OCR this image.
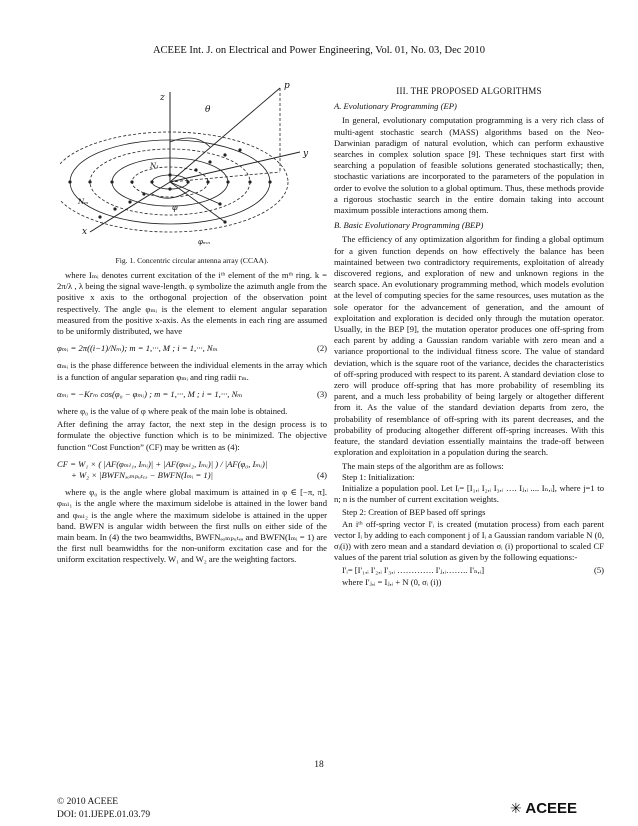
ACEEE Int. J. on Electrical and Power Engineering, Vol. 01, No. 03, Dec 2010
z
θ
p
y
x
N₁
Nₘ
φ
φₘₙ
Fig. 1. Concentric circular antenna array (CCAA).

where Iₘᵢ denotes current excitation of the iᵗʰ element of the mᵗʰ ring. k = 2π/λ , λ being the signal wave-length. φ symbolize the azimuth angle from the positive x axis to the orthogonal projection of the observation point respectively. The angle φₘᵢ is the element to element angular separation measured from the positive x-axis. As the elements in each ring are assumed to be uniformly distributed, we have

φₘᵢ = 2π((i−1)/Nₘ); m = 1,···, M ; i = 1,···, Nₘ	(2)

αₘᵢ is the phase difference between the individual elements in the array which is a function of angular separation φₘᵢ and ring radii rₘ.

αₘᵢ = −Krₘ cos(φ₀ − φₘᵢ) ; m = 1,···, M ; i = 1,···, Nₘ	(3)

where φ₀ is the value of φ where peak of the main lobe is obtained.

After defining the array factor, the next step in the design process is to formulate the objective function which is to be minimized. The objective function “Cost Function” (CF) may be written as (4):

CF = W₁ × ( |AF(φₘₗ₁, Iₘᵢ)| + |AF(φₘₗ₂, Iₘᵢ)| ) / |AF(φ₀, Iₘᵢ)|
+ W₂ × |BWFNₔₒₘₚᵤₜₑₔ − BWFN(Iₘᵢ = 1)|	(4)

where φ₀ is the angle where global maximum is attained in φ ∈ [−π, π]. φₘₗ₁ is the angle where the maximum sidelobe is attained in the lower band and φₘₗ₂ is the angle where the maximum sidelobe is attained in the upper band. BWFN is angular width between the first nulls on either side of the main beam. In (4) the two beamwidths, BWFNₔₒₘₚᵤₜₑₔ and BWFN(Iₘᵢ = 1) are the first null beamwidths for the non-uniform excitation case and for the uniform excitation respectively. W₁ and W₂ are the weighting factors.

III. THE PROPOSED ALGORITHMS
A. Evolutionary Programming (EP)

In general, evolutionary computation programming is a very rich class of multi-agent stochastic search (MASS) algorithms based on the Neo-Darwinian paradigm of natural evolution, which can perform exhaustive searches in complex solution space [9]. These techniques start first with searching a population of feasible solutions generated stochastically; then, stochastic variations are incorporated to the parameters of the population in order to evolve the solution to a global optimum. Thus, these methods provide a rigorous stochastic search in the entire domain taking into account maximum possible interactions among them.

B. Basic Evolutionary Programming (BEP)

The efficiency of any optimization algorithm for finding a global optimum for a given function depends on how effectively the balance has been maintained between two contradictory requirements, exploitation of already discovered regions, and exploration of new and unknown regions in the search space. An evolutionary programming method, which models evolution at the level of computing species for the same resources, uses mutation as the sole operator for the advancement of generation, and the amount of exploitation and exploration is decided only through the mutation operator. Usually, in the BEP [9], the mutation operator produces one off-spring from each parent by adding a Gaussian random variable with zero mean and a variance proportional to the individual fitness score. The value of standard deviation, which is the square root of the variance, decides the characteristics of off-spring produced with respect to its parent. A standard deviation close to zero will produce off-spring that has more probability of resembling its parent, and a much less probability of being largely or altogether different from it. As the value of the standard deviation departs from zero, the probability of resemblance of off-spring with its parent decreases, and the probability of producing altogether different off-spring increases. With this feature, the standard deviation essentially maintains the trade-off between exploration and exploitation in a population during the search.

The main steps of the algorithm are as follows:

Step 1: Initialization:

Initialize a population pool. Let Iᵢ= [I₁,ᵢ I₂,ᵢ I₃,ᵢ …. Iⱼ,ᵢ .... Iₙ,ᵢ], where j=1 to n; n is the number of current excitation weights.

Step 2: Creation of BEP based off springs

An iᵗʰ off-spring vector I'ᵢ is created (mutation process) from each parent vector Iᵢ by adding to each component j of Iᵢ a Gaussian random variable N (0, σᵢ(i)) with zero mean and a standard deviation σᵢ (i) proportional to scaled CF values of the parent trial solution as given by the following equations:-

I'ᵢ= [I'₁,ᵢ I'₂,ᵢ I'₃,ᵢ …………. I'ⱼ,ᵢ…….. I'ₙ,ᵢ]	(5)
where I'ⱼ,ᵢ = Iⱼ,ᵢ + N (0, σᵢ (i))
18
© 2010 ACEEE
DOI: 01.IJEPE.01.03.79	✳ ACEEE
